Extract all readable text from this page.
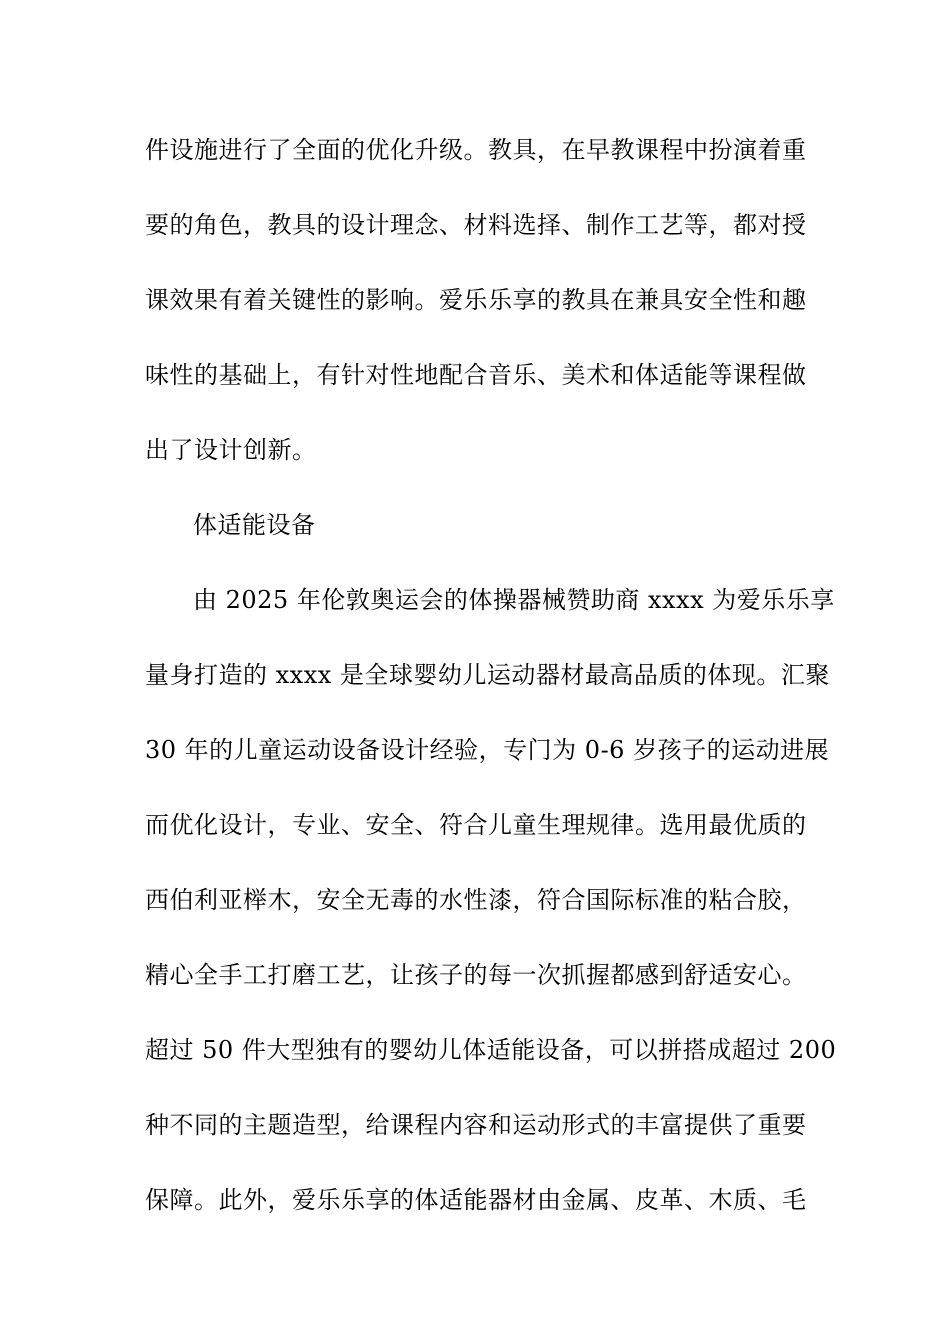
件设施进行了全面的优化升级。教具，在早教课程中扮演着重
要的角色，教具的设计理念、材料选择、制作工艺等，都对授
课效果有着关键性的影响。爱乐乐享的教具在兼具安全性和趣
味性的基础上，有针对性地配合音乐、美术和体适能等课程做
出了设计创新。
体适能设备
由 2025 年伦敦奥运会的体操器械赞助商 xxxx 为爱乐乐享
量身打造的 xxxx 是全球婴幼儿运动器材最高品质的体现。汇聚
30 年的儿童运动设备设计经验，专门为 0-6 岁孩子的运动进展
而优化设计，专业、安全、符合儿童生理规律。选用最优质的
西伯利亚榉木，安全无毒的水性漆，符合国际标准的粘合胶，
精心全手工打磨工艺，让孩子的每一次抓握都感到舒适安心。
超过 50 件大型独有的婴幼儿体适能设备，可以拼搭成超过 200
种不同的主题造型，给课程内容和运动形式的丰富提供了重要
保障。此外，爱乐乐享的体适能器材由金属、皮革、木质、毛
